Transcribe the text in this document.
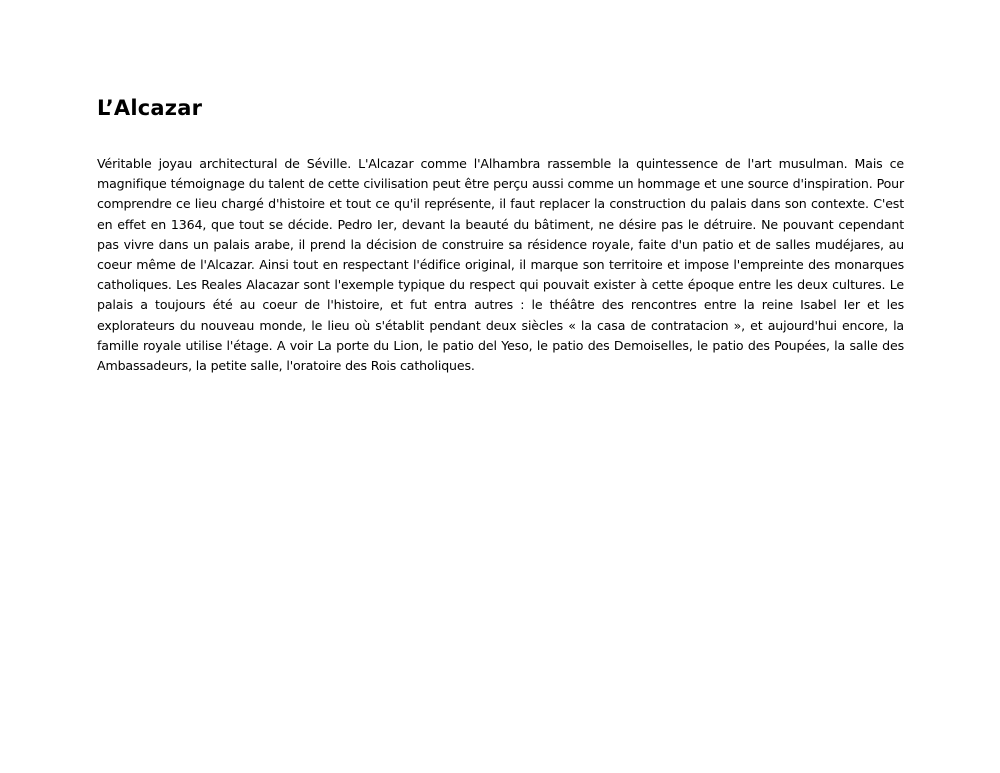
L’Alcazar

Véritable joyau architectural de Séville. L'Alcazar comme l'Alhambra rassemble la quintessence de l'art musulman. Mais ce magnifique témoignage du talent de cette civilisation peut être perçu aussi comme un hommage et une source d'inspiration. Pour comprendre ce lieu chargé d'histoire et tout ce qu'il représente, il faut replacer la construction du palais dans son contexte. C'est en effet en 1364, que tout se décide. Pedro Ier, devant la beauté du bâtiment, ne désire pas le détruire. Ne pouvant cependant pas vivre dans un palais arabe, il prend la décision de construire sa résidence royale, faite d'un patio et de salles mudéjares, au coeur même de l'Alcazar. Ainsi tout en respectant l'édifice original, il marque son territoire et impose l'empreinte des monarques catholiques. Les Reales Alacazar sont l'exemple typique du respect qui pouvait exister à cette époque entre les deux cultures. Le palais a toujours été au coeur de l'histoire, et fut entra autres : le théâtre des rencontres entre la reine Isabel Ier et les explorateurs du nouveau monde, le lieu où s'établit pendant deux siècles « la casa de contratacion », et aujourd'hui encore, la famille royale utilise l'étage. A voir La porte du Lion, le patio del Yeso, le patio des Demoiselles, le patio des Poupées, la salle des Ambassadeurs, la petite salle, l'oratoire des Rois catholiques.
